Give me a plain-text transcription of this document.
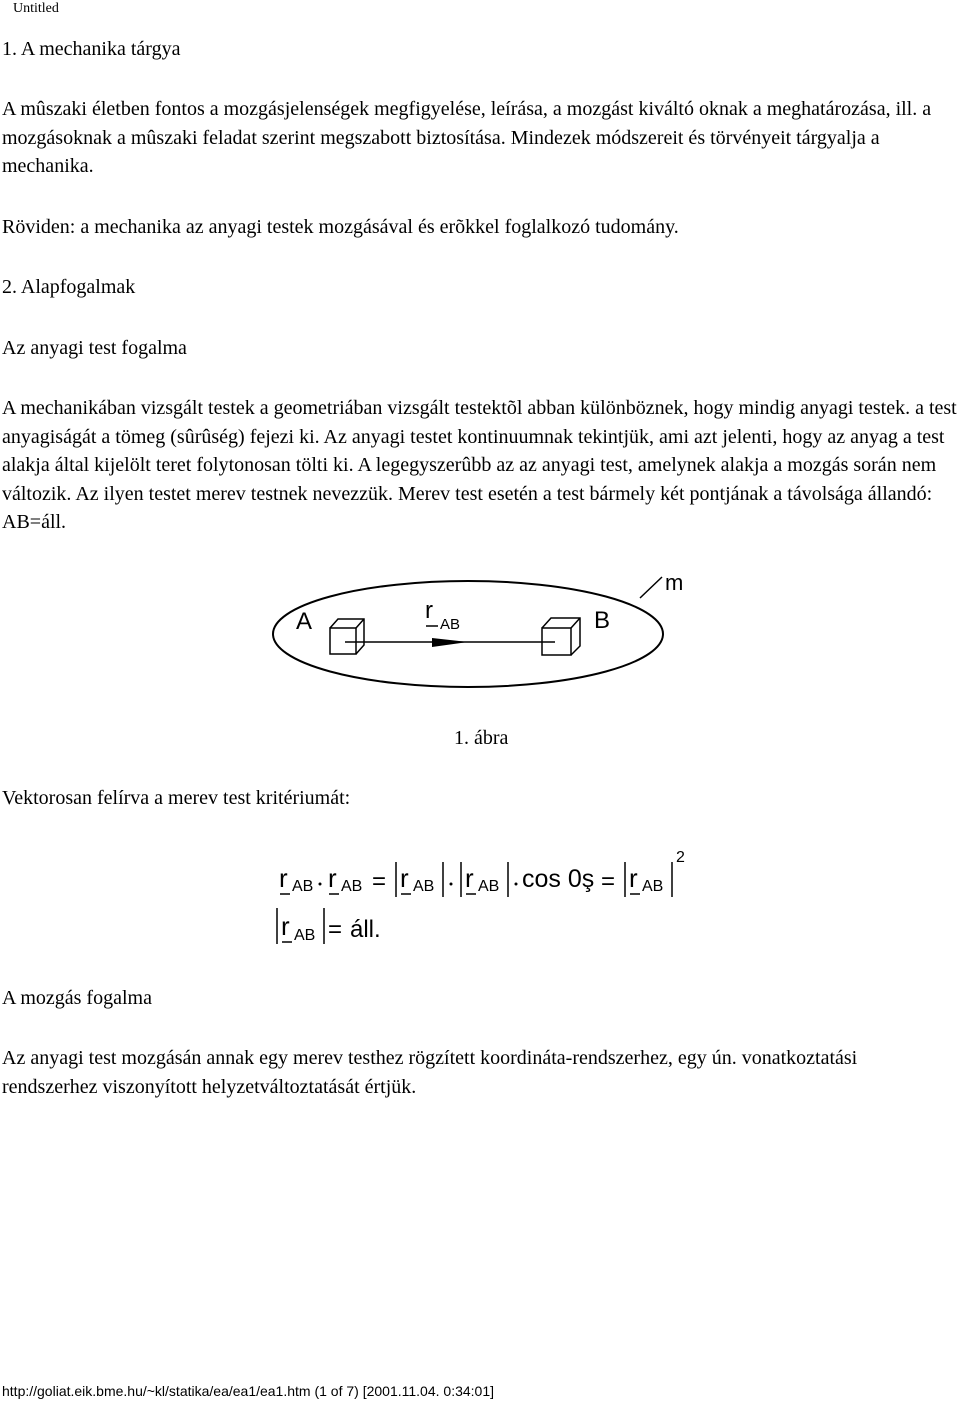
Untitled

1. A mechanika tárgya

A mûszaki életben fontos a mozgásjelenségek megfigyelése, leírása, a mozgást kiváltó oknak a meghatározása, ill. a mozgásoknak a mûszaki feladat szerint megszabott biztosítása. Mindezek módszereit és törvényeit tárgyalja a mechanika.

Röviden: a mechanika az anyagi testek mozgásával és erõkkel foglalkozó tudomány.

2. Alapfogalmak

Az anyagi test fogalma

A mechanikában vizsgált testek a geometriában vizsgált testektõl abban különböznek, hogy mindig anyagi testek. a test anyagiságát a tömeg (sûrûség) fejezi ki. Az anyagi testet kontinuumnak tekintjük, ami azt jelenti, hogy az anyag a test alakja által kijelölt teret folytonosan tölti ki. A legegyszerûbb az az anyagi test, amelynek alakja a mozgás során nem változik. Az ilyen testet merev testnek nevezzük. Merev test esetén a test bármely két pontjának a távolsága állandó: AB=áll.

A	B
m
r
AB
r AB r AB = r AB r AB cos 0ş = r AB
2
r AB = áll.
1. ábra

Vektorosan felírva a merev test kritériumát:

A mozgás fogalma

Az anyagi test mozgásán annak egy merev testhez rögzített koordináta-rendszerhez, egy ún. vonatkoztatási rendszerhez viszonyított helyzetváltoztatását értjük.

http://goliat.eik.bme.hu/~kl/statika/ea/ea1/ea1.htm (1 of 7) [2001.11.04. 0:34:01]
